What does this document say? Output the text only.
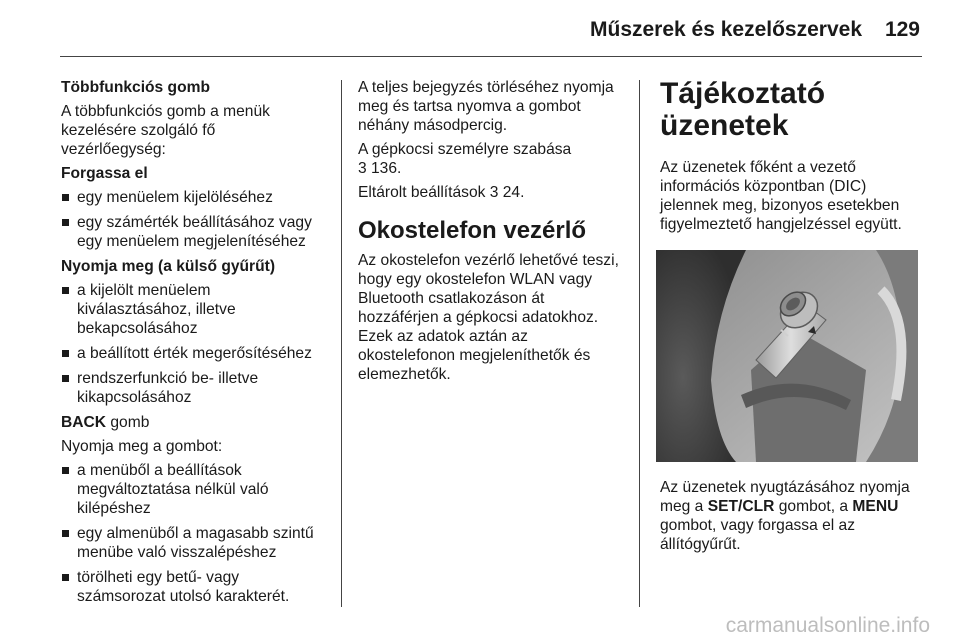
Műszerek és kezelőszervek 129

Többfunkciós gomb

A többfunkciós gomb a menük
kezelésére szolgáló fő
vezérlőegység:

Forgassa el

egy menüelem kijelöléséhez
egy számérték beállításához vagy
egy menüelem megjelenítéséhez

Nyomja meg (a külső gyűrűt)

a kijelölt menüelem
kiválasztásához, illetve
bekapcsolásához
a beállított érték megerősítéséhez
rendszerfunkció be- illetve
kikapcsolásához

BACK gomb

Nyomja meg a gombot:

a menüből a beállítások
megváltoztatása nélkül való
kilépéshez
egy almenüből a magasabb szintű
menübe való visszalépéshez
törölheti egy betű- vagy
számsorozat utolsó karakterét.

A teljes bejegyzés törléséhez nyomja
meg és tartsa nyomva a gombot
néhány másodpercig.

A gépkocsi személyre szabása
3 136.

Eltárolt beállítások 3 24.

Okostelefon vezérlő

Az okostelefon vezérlő lehetővé teszi,
hogy egy okostelefon WLAN vagy
Bluetooth csatlakozáson át
hozzáférjen a gépkocsi adatokhoz.
Ezek az adatok aztán az
okostelefonon megjeleníthetők és
elemezhetők.

Tájékoztató üzenetek

Az üzenetek főként a vezető
információs központban (DIC)
jelennek meg, bizonyos esetekben
figyelmeztető hangjelzéssel együtt.

Az üzenetek nyugtázásához nyomja
meg a SET/CLR gombot, a MENU
gombot, vagy forgassa el az
állítógyűrűt.

carmanualsonline.info
